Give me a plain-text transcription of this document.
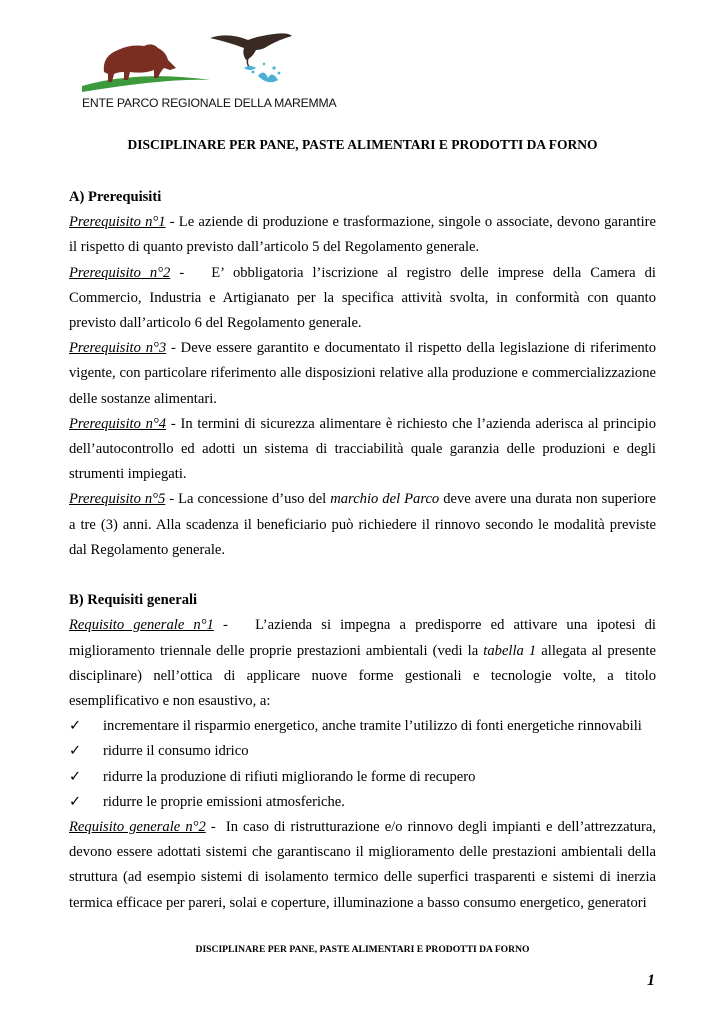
ENTE PARCO REGIONALE DELLA MAREMMA
DISCIPLINARE PER PANE, PASTE ALIMENTARI E PRODOTTI DA FORNO

A) Prerequisiti

Prerequisito n°1 - Le aziende di produzione e trasformazione, singole o associate, devono garantire il rispetto di quanto previsto dall’articolo 5 del Regolamento generale.

Prerequisito n°2 -   E’ obbligatoria l’iscrizione al registro delle imprese della Camera di Commercio, Industria e Artigianato per la specifica attività svolta, in conformità con quanto previsto dall’articolo 6 del Regolamento generale.

Prerequisito n°3 - Deve essere garantito e documentato il rispetto della legislazione di riferimento vigente, con particolare riferimento alle disposizioni relative alla produzione e commercializzazione delle sostanze alimentari.

Prerequisito n°4 - In termini di sicurezza alimentare è richiesto che l’azienda aderisca al principio dell’autocontrollo ed adotti un sistema di tracciabilità quale garanzia delle produzioni e degli strumenti impiegati.

Prerequisito n°5 - La concessione d’uso del marchio del Parco deve avere una durata non superiore a tre (3) anni. Alla scadenza il beneficiario può richiedere il rinnovo secondo le modalità previste dal Regolamento generale.

B) Requisiti generali

Requisito generale n°1 -   L’azienda si impegna a predisporre ed attivare una ipotesi di miglioramento triennale delle proprie prestazioni ambientali (vedi la tabella 1 allegata al presente disciplinare) nell’ottica di applicare nuove forme gestionali e tecnologie volte, a titolo esemplificativo e non esaustivo, a:

✓ incrementare il risparmio energetico, anche tramite l’utilizzo di fonti energetiche rinnovabili
✓ ridurre il consumo idrico
✓ ridurre la produzione di rifiuti migliorando le forme di recupero
✓ ridurre le proprie emissioni atmosferiche.

Requisito generale n°2 -  In caso di ristrutturazione e/o rinnovo degli impianti e dell’attrezzatura, devono essere adottati sistemi che garantiscano il miglioramento delle prestazioni ambientali della struttura (ad esempio sistemi di isolamento termico delle superfici trasparenti e sistemi di inerzia termica efficace per pareri, solai e coperture, illuminazione a basso consumo energetico, generatori

DISCIPLINARE PER PANE, PASTE ALIMENTARI E PRODOTTI DA FORNO
1
